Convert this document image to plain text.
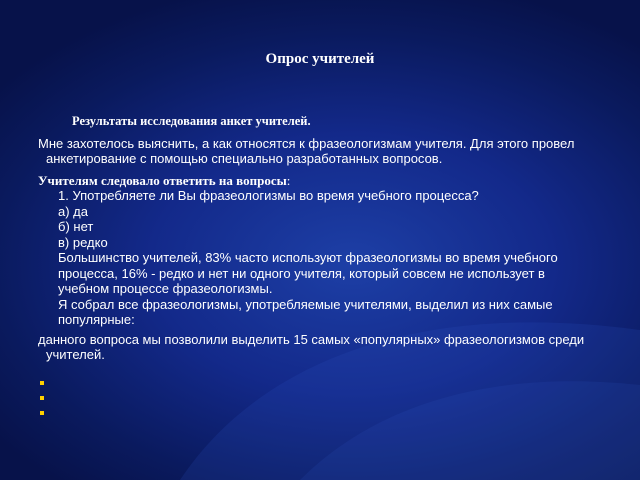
Опрос учителей
Результаты исследования анкет учителей.

Мне захотелось выяснить, а как относятся к фразеологизмам учителя. Для этого провел анкетирование с помощью специально разработанных вопросов.

Учителям следовало ответить на вопросы:
1. Употребляете ли Вы фразеологизмы во время учебного процесса?
а) да
б) нет
в) редко
Большинство учителей, 83% часто используют фразеологизмы во время учебного процесса, 16% - редко и нет ни одного учителя, который совсем не использует в учебном процессе фразеологизмы.
Я собрал все фразеологизмы, употребляемые учителями, выделил из них самые популярные:

данного вопроса мы позволили выделить 15 самых «популярных» фразеологизмов среди учителей.
